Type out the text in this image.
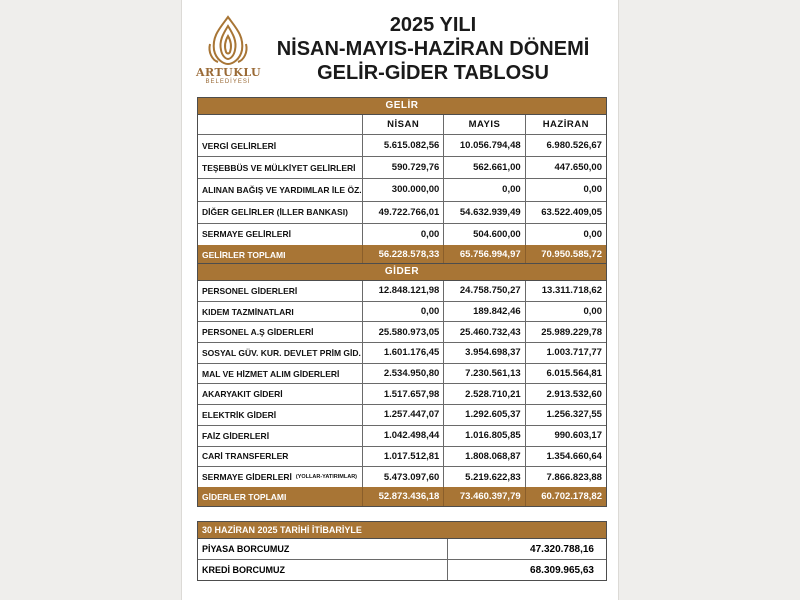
ARTUKLU
BELEDİYESİ
2025 YILI
NİSAN-MAYIS-HAZİRAN DÖNEMİ
GELİR-GİDER TABLOSU
GELİR
NİSAN	MAYIS	HAZİRAN
VERGİ GELİRLERİ	5.615.082,56	10.056.794,48	6.980.526,67
TEŞEBBÜS VE MÜLKİYET GELİRLERİ	590.729,76	562.661,00	447.650,00
ALINAN BAĞIŞ VE YARDIMLAR İLE ÖZ.	300.000,00	0,00	0,00
DİĞER GELİRLER (İLLER BANKASI)	49.722.766,01	54.632.939,49	63.522.409,05
SERMAYE GELİRLERİ	0,00	504.600,00	0,00
GELİRLER TOPLAMI	56.228.578,33	65.756.994,97	70.950.585,72
GİDER
PERSONEL GİDERLERİ	12.848.121,98	24.758.750,27	13.311.718,62
KIDEM TAZMİNATLARI	0,00	189.842,46	0,00
PERSONEL A.Ş GİDERLERİ	25.580.973,05	25.460.732,43	25.989.229,78
SOSYAL GÜV. KUR. DEVLET PRİM GİD.	1.601.176,45	3.954.698,37	1.003.717,77
MAL VE HİZMET ALIM GİDERLERİ	2.534.950,80	7.230.561,13	6.015.564,81
AKARYAKIT GİDERİ	1.517.657,98	2.528.710,21	2.913.532,60
ELEKTRİK GİDERİ	1.257.447,07	1.292.605,37	1.256.327,55
FAİZ GİDERLERİ	1.042.498,44	1.016.805,85	990.603,17
CARİ TRANSFERLER	1.017.512,81	1.808.068,87	1.354.660,64
SERMAYE GİDERLERİ (YOLLAR-YATIRIMLAR)	5.473.097,60	5.219.622,83	7.866.823,88
GİDERLER TOPLAMI	52.873.436,18	73.460.397,79	60.702.178,82
30 HAZİRAN 2025 TARİHİ İTİBARİYLE
PİYASA BORCUMUZ	47.320.788,16
KREDİ BORCUMUZ	68.309.965,63
